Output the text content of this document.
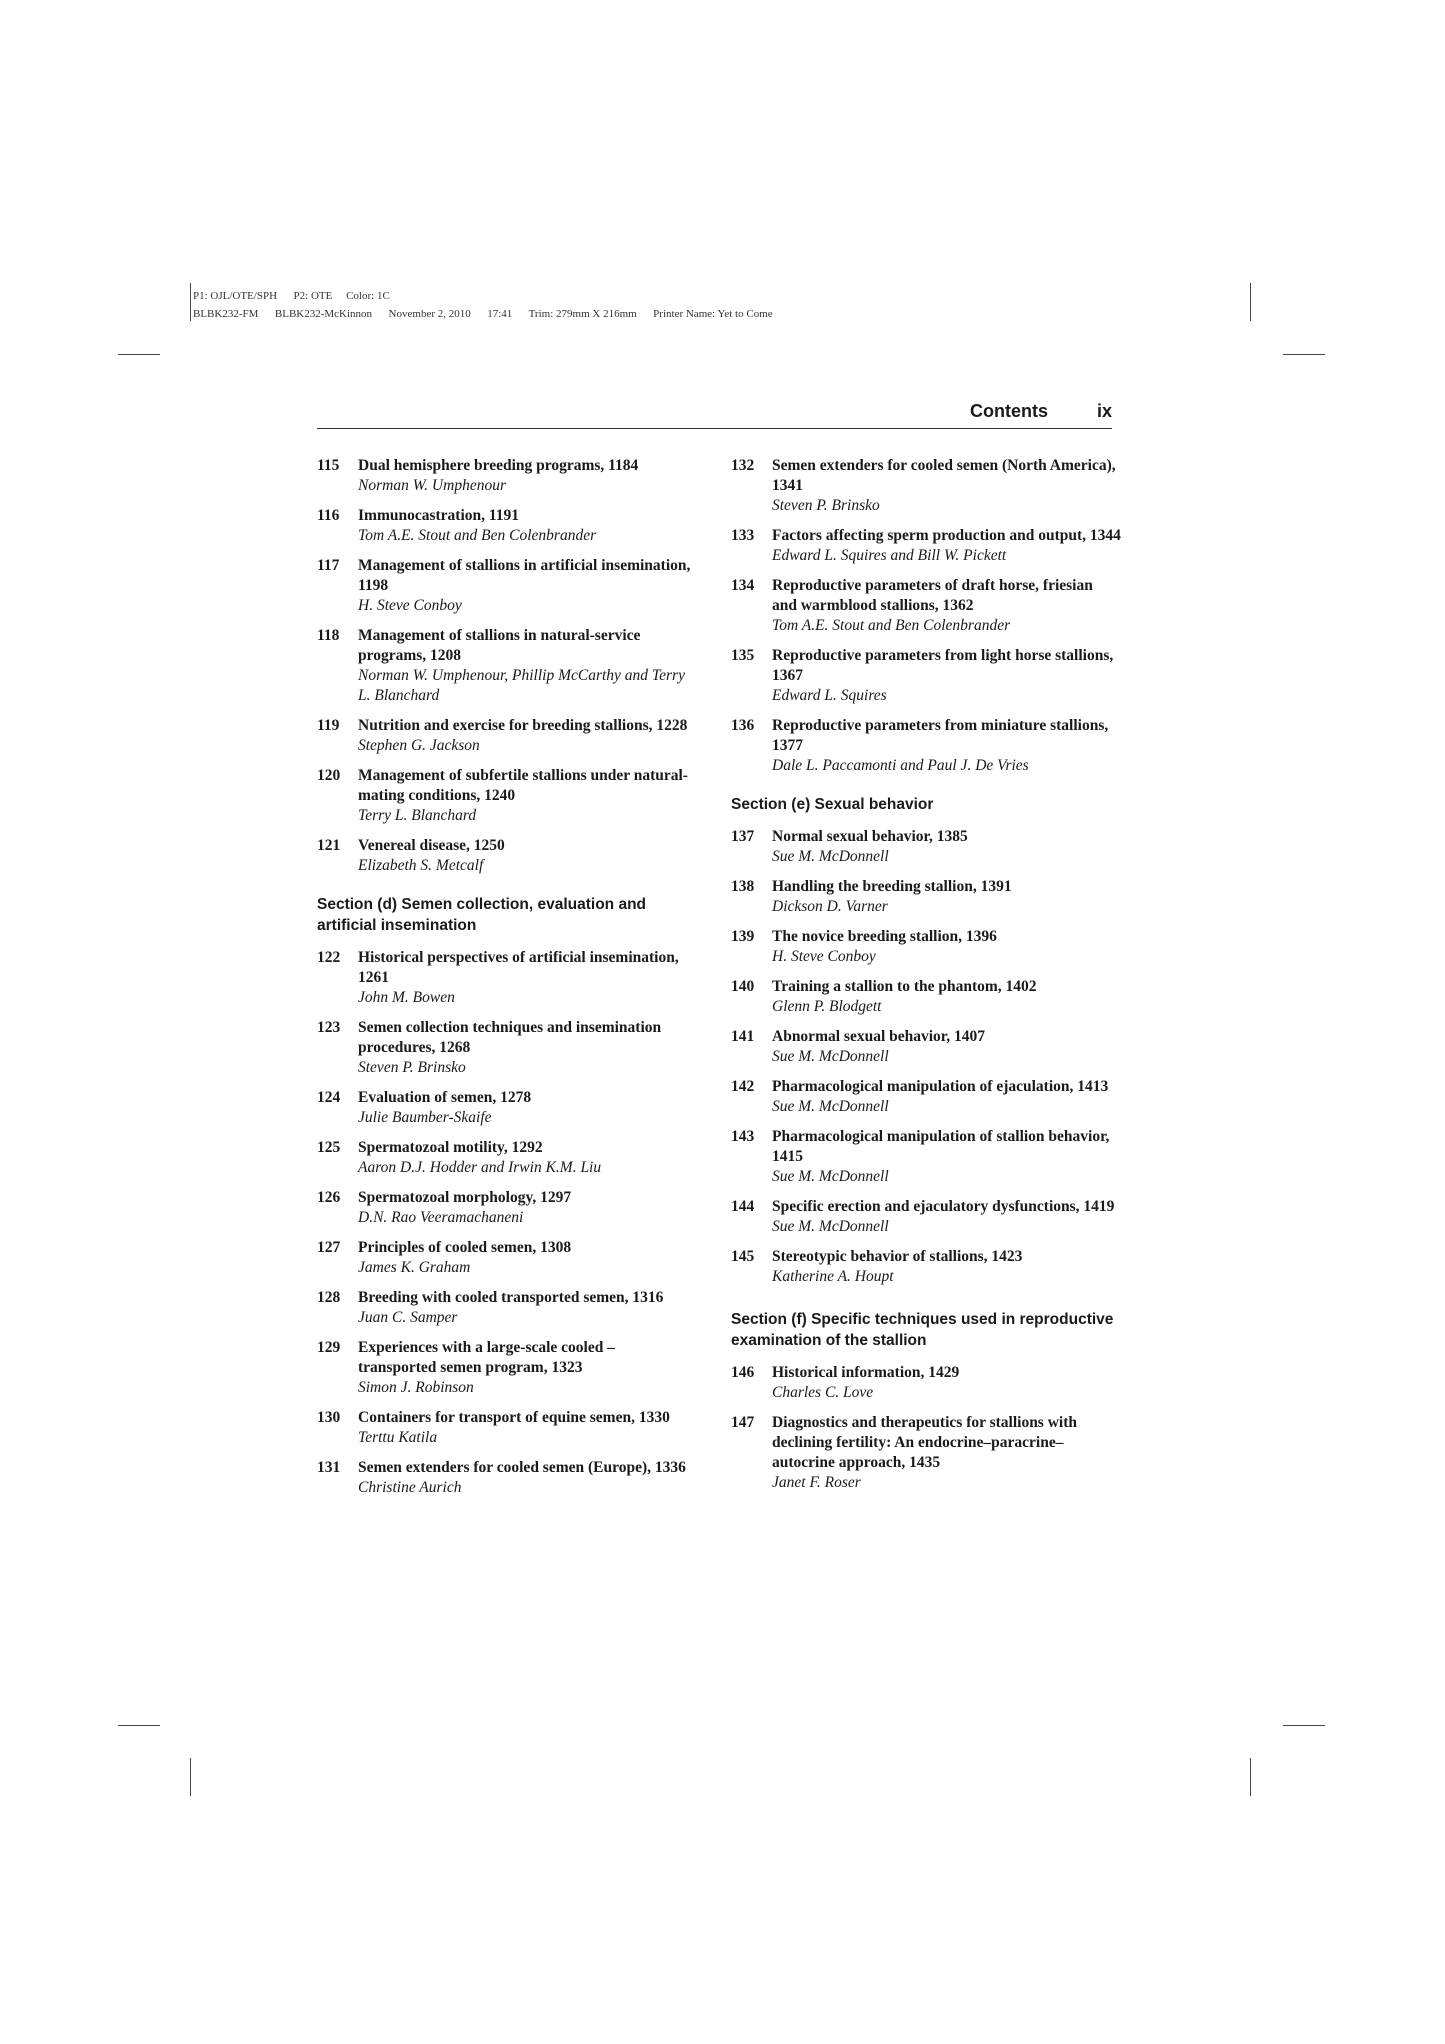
P1: OJL/OTE/SPH      P2: OTE     Color: 1C
BLBK232-FM      BLBK232-McKinnon      November 2, 2010      17:41      Trim: 279mm X 216mm      Printer Name: Yet to Come
Contents	ix
115	Dual hemisphere breeding programs, 1184
Norman W. Umphenour
116	Immunocastration, 1191
Tom A.E. Stout and Ben Colenbrander
117	Management of stallions in artificial insemination, 1198
H. Steve Conboy
118	Management of stallions in natural-service programs, 1208
Norman W. Umphenour, Phillip McCarthy and Terry L. Blanchard
119	Nutrition and exercise for breeding stallions, 1228
Stephen G. Jackson
120	Management of subfertile stallions under natural-mating conditions, 1240
Terry L. Blanchard
121	Venereal disease, 1250
Elizabeth S. Metcalf
Section (d) Semen collection, evaluation and artificial insemination
122	Historical perspectives of artificial insemination, 1261
John M. Bowen
123	Semen collection techniques and insemination procedures, 1268
Steven P. Brinsko
124	Evaluation of semen, 1278
Julie Baumber-Skaife
125	Spermatozoal motility, 1292
Aaron D.J. Hodder and Irwin K.M. Liu
126	Spermatozoal morphology, 1297
D.N. Rao Veeramachaneni
127	Principles of cooled semen, 1308
James K. Graham
128	Breeding with cooled transported semen, 1316
Juan C. Samper
129	Experiences with a large-scale cooled – transported semen program, 1323
Simon J. Robinson
130	Containers for transport of equine semen, 1330
Terttu Katila
131	Semen extenders for cooled semen (Europe), 1336
Christine Aurich
132	Semen extenders for cooled semen (North America), 1341
Steven P. Brinsko
133	Factors affecting sperm production and output, 1344
Edward L. Squires and Bill W. Pickett
134	Reproductive parameters of draft horse, friesian and warmblood stallions, 1362
Tom A.E. Stout and Ben Colenbrander
135	Reproductive parameters from light horse stallions, 1367
Edward L. Squires
136	Reproductive parameters from miniature stallions, 1377
Dale L. Paccamonti and Paul J. De Vries
Section (e) Sexual behavior
137	Normal sexual behavior, 1385
Sue M. McDonnell
138	Handling the breeding stallion, 1391
Dickson D. Varner
139	The novice breeding stallion, 1396
H. Steve Conboy
140	Training a stallion to the phantom, 1402
Glenn P. Blodgett
141	Abnormal sexual behavior, 1407
Sue M. McDonnell
142	Pharmacological manipulation of ejaculation, 1413
Sue M. McDonnell
143	Pharmacological manipulation of stallion behavior, 1415
Sue M. McDonnell
144	Specific erection and ejaculatory dysfunctions, 1419
Sue M. McDonnell
145	Stereotypic behavior of stallions, 1423
Katherine A. Houpt
Section (f) Specific techniques used in reproductive examination of the stallion
146	Historical information, 1429
Charles C. Love
147	Diagnostics and therapeutics for stallions with declining fertility: An endocrine–paracrine–autocrine approach, 1435
Janet F. Roser
